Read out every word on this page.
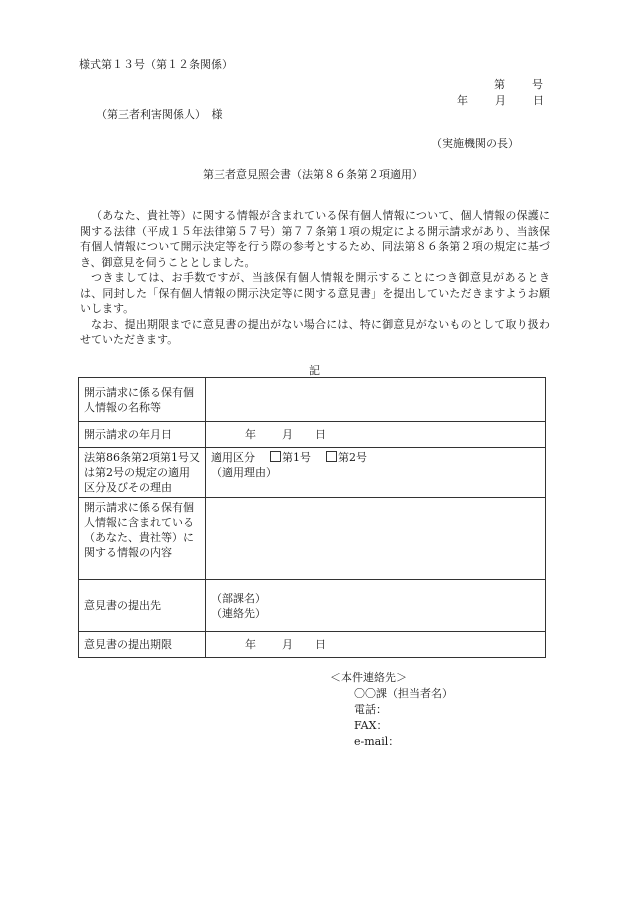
様式第１３号（第１２条関係）
第 号
年 月 日
（第三者利害関係人）　様
（実施機関の長）
第三者意見照会書（法第８６条第２項適用）

（あなた、貴社等）に関する情報が含まれている保有個人情報について、個人情報の保護に関する法律（平成１５年法律第５７号）第７７条第１項の規定による開示請求があり、当該保有個人情報について開示決定等を行う際の参考とするため、同法第８６条第２項の規定に基づき、御意見を伺うこととしました。

つきましては、お手数ですが、当該保有個人情報を開示することにつき御意見があるときは、同封した「保有個人情報の開示決定等に関する意見書」を提出していただきますようお願いします。

なお、提出期限までに意見書の提出がない場合には、特に御意見がないものとして取り扱わせていただきます。

記
開示請求に係る保有個人情報の名称等	
開示請求の年月日	年 月 日
法第86条第2項第1号又は第2号の規定の適用区分及びその理由	適用区分 第1号 第2号
（適用理由）

開示請求に係る保有個人情報に含まれている（あなた、貴社等）に関する情報の内容	
意見書の提出先	（部課名）
（連絡先）

意見書の提出期限	年 月 日
＜本件連絡先＞
〇〇課（担当者名）
電話：
FAX：
e-mail：
